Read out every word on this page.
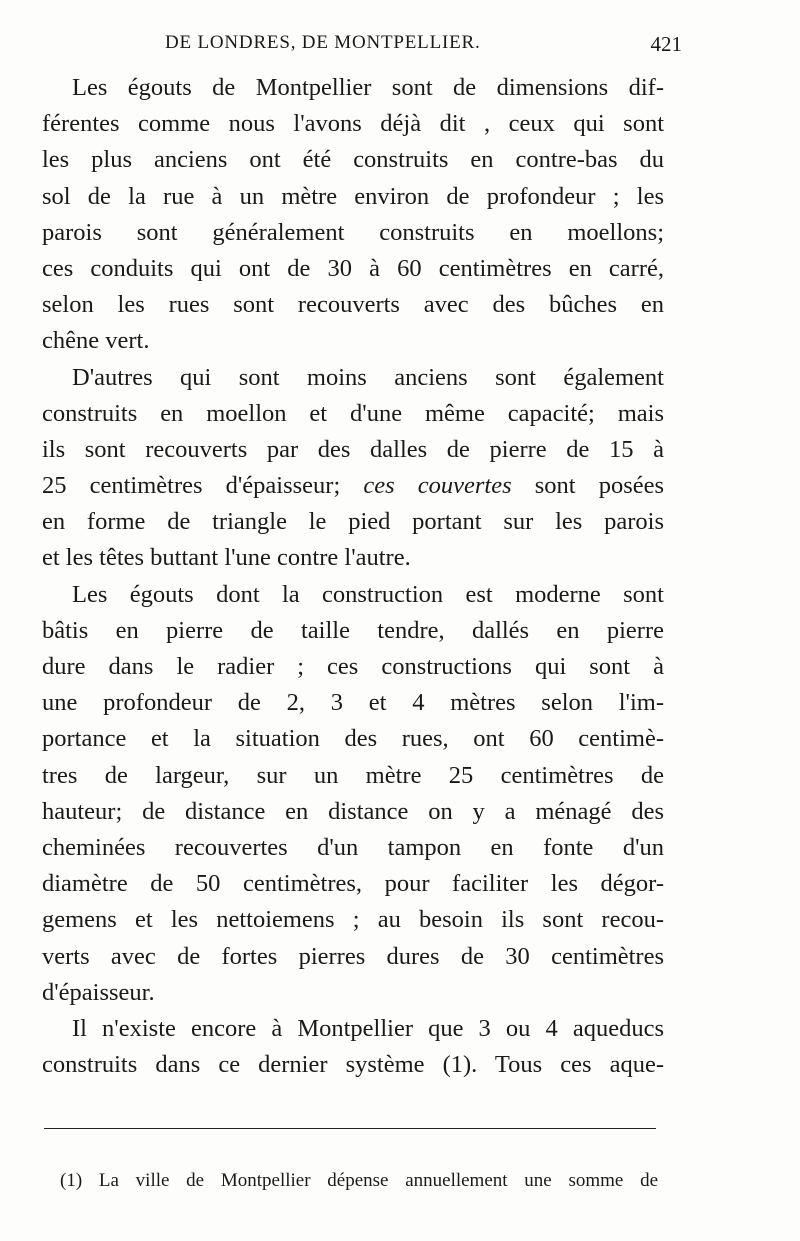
DE LONDRES, DE MONTPELLIER.	421
Les égouts de Montpellier sont de dimensions dif-
férentes comme nous l'avons déjà dit , ceux qui sont
les plus anciens ont été construits en contre-bas du
sol de la rue à un mètre environ de profondeur ; les
parois sont généralement construits en moellons;
ces conduits qui ont de 30 à 60 centimètres en carré,
selon les rues sont recouverts avec des bûches en
chêne vert.
D'autres qui sont moins anciens sont également
construits en moellon et d'une même capacité; mais
ils sont recouverts par des dalles de pierre de 15 à
25 centimètres d'épaisseur; ces couvertes sont posées
en forme de triangle le pied portant sur les parois
et les têtes buttant l'une contre l'autre.
Les égouts dont la construction est moderne sont
bâtis en pierre de taille tendre, dallés en pierre
dure dans le radier ; ces constructions qui sont à
une profondeur de 2, 3 et 4 mètres selon l'im-
portance et la situation des rues, ont 60 centimè-
tres de largeur, sur un mètre 25 centimètres de
hauteur; de distance en distance on y a ménagé des
cheminées recouvertes d'un tampon en fonte d'un
diamètre de 50 centimètres, pour faciliter les dégor-
gemens et les nettoiemens ; au besoin ils sont recou-
verts avec de fortes pierres dures de 30 centimètres
d'épaisseur.
Il n'existe encore à Montpellier que 3 ou 4 aqueducs
construits dans ce dernier système (1). Tous ces aque-
(1) La ville de Montpellier dépense annuellement une somme de
